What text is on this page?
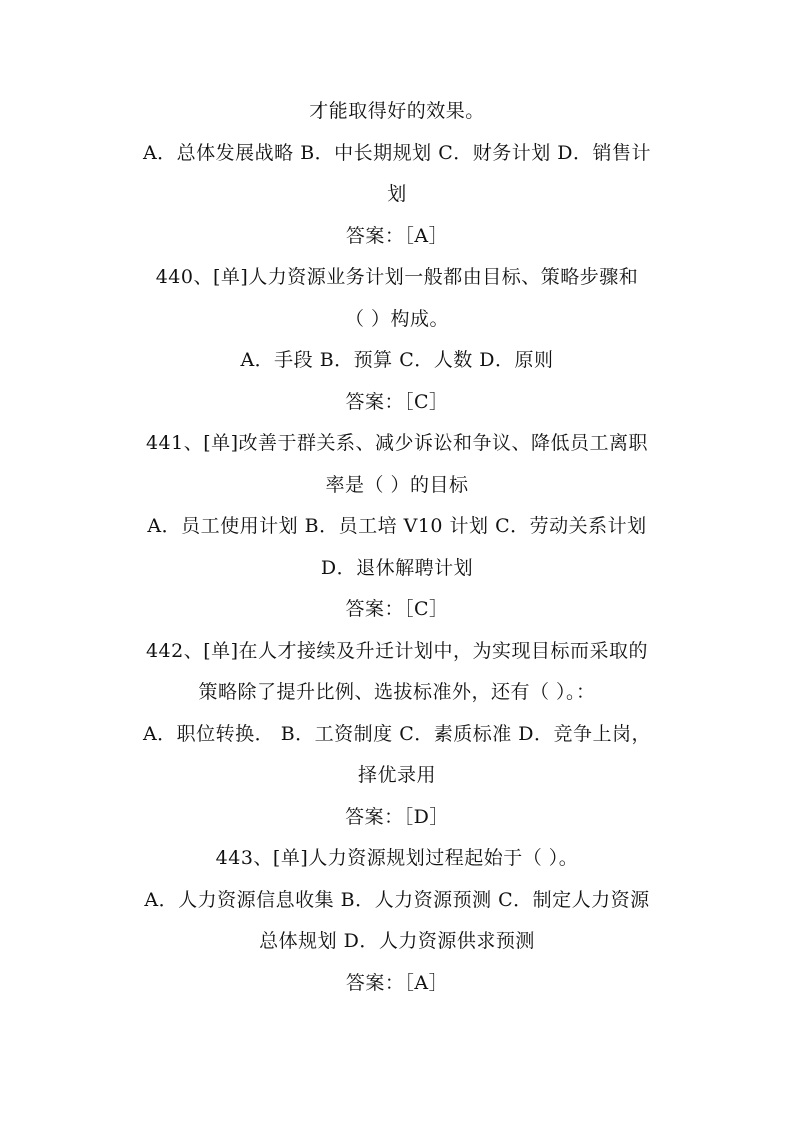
才能取得好的效果。
A．总体发展战略 B．中长期规划 C．财务计划 D．销售计
划
答案：［A］
440、[单]人力资源业务计划一般都由目标、策略步骤和
（ ）构成。
A．手段 B．预算 C．人数 D．原则
答案：［C］
441、[单]改善于群关系、减少诉讼和争议、降低员工离职
率是（ ）的目标
A．员工使用计划 B．员工培 V10 计划 C．劳动关系计划
D．退休解聘计划
答案：［C］
442、[单]在人才接续及升迁计划中，为实现目标而采取的
策略除了提升比例、选拔标准外，还有（ ）。：
A．职位转换． B．工资制度 C．素质标准 D．竞争上岗，
择优录用
答案：［D］
443、[单]人力资源规划过程起始于（ ）。
A．人力资源信息收集 B．人力资源预测 C．制定人力资源
总体规划 D．人力资源供求预测
答案：［A］
